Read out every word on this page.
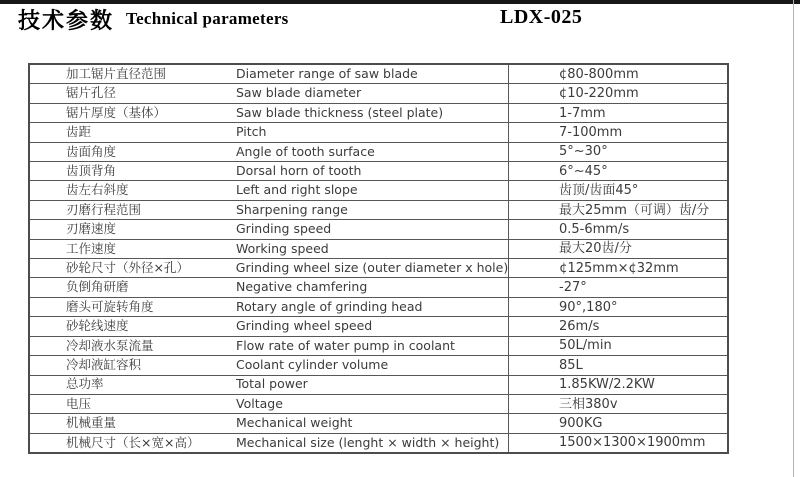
技术参数 Technical parameters	LDX-025
加工锯片直径范围	Diameter range of saw blade	¢80-800mm
锯片孔径	Saw blade diameter	¢10-220mm
锯片厚度（基体）	Saw blade thickness (steel plate)	1-7mm
齿距	Pitch	7-100mm
齿面角度	Angle of tooth surface	5°~30°
齿顶背角	Dorsal horn of tooth	6°~45°
齿左右斜度	Left and right slope	齿顶/齿面45°
刃磨行程范围	Sharpening range	最大25mm（可调）齿/分
刃磨速度	Grinding speed	0.5-6mm/s
工作速度	Working speed	最大20齿/分
砂轮尺寸（外径×孔）	Grinding wheel size (outer diameter x hole)	¢125mm×¢32mm
负倒角研磨	Negative chamfering	-27°
磨头可旋转角度	Rotary angle of grinding head	90°,180°
砂轮线速度	Grinding wheel speed	26m/s
冷却液水泵流量	Flow rate of water pump in coolant	50L/min
冷却液缸容积	Coolant cylinder volume	85L
总功率	Total power	1.85KW/2.2KW
电压	Voltage	三相380v
机械重量	Mechanical weight	900KG
机械尺寸（长×宽×高）	Mechanical size (lenght × width × height)	1500×1300×1900mm
